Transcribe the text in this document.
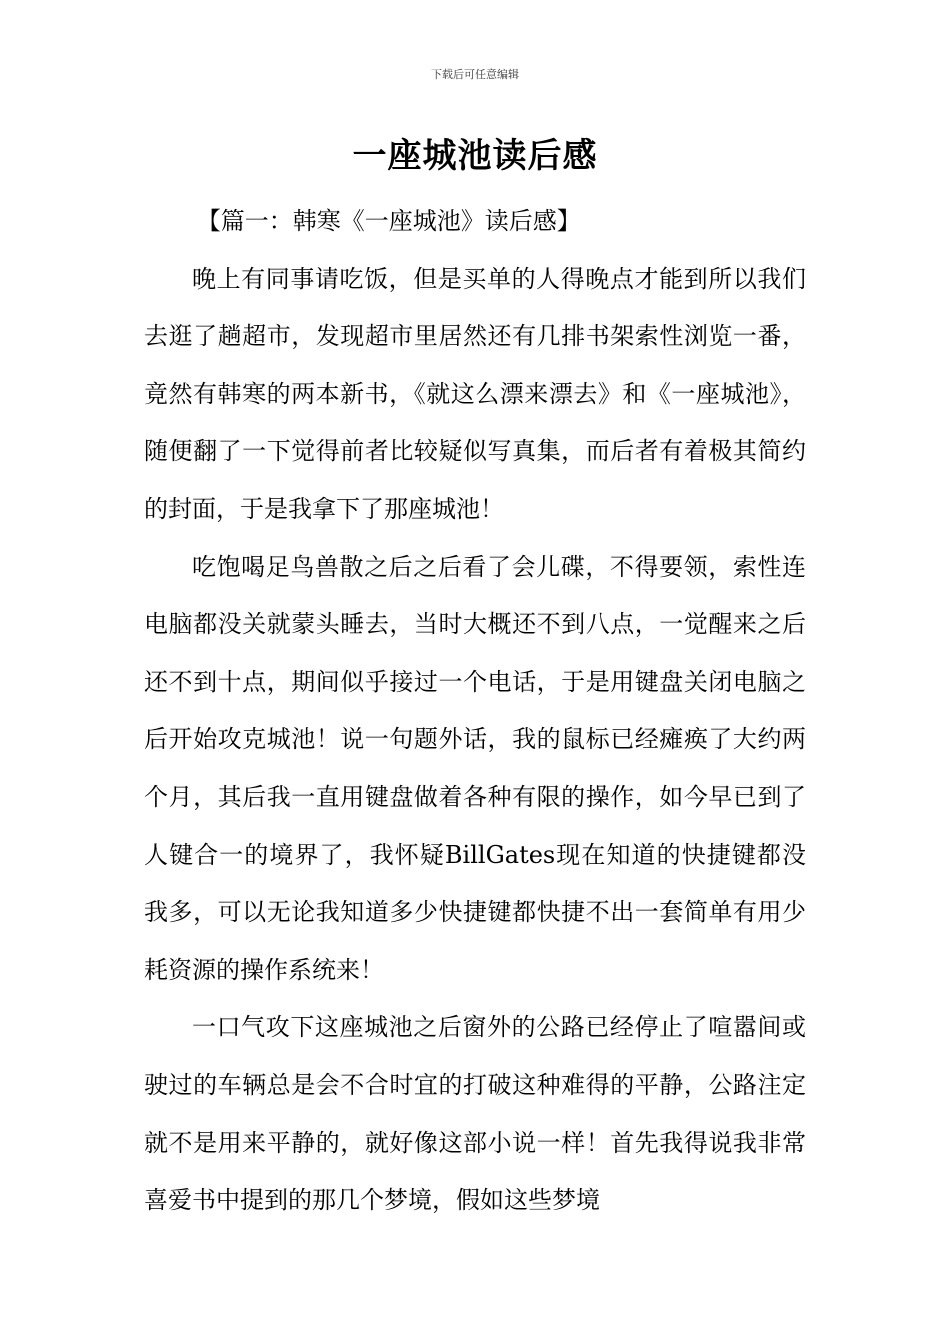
下载后可任意编辑
一座城池读后感

【篇一：韩寒《一座城池》读后感】

晚上有同事请吃饭，但是买单的人得晚点才能到所以我们去逛了趟超市，发现超市里居然还有几排书架索性浏览一番，竟然有韩寒的两本新书，《就这么漂来漂去》和《一座城池》，随便翻了一下觉得前者比较疑似写真集，而后者有着极其简约的封面，于是我拿下了那座城池！

吃饱喝足鸟兽散之后之后看了会儿碟，不得要领，索性连电脑都没关就蒙头睡去，当时大概还不到八点，一觉醒来之后还不到十点，期间似乎接过一个电话，于是用键盘关闭电脑之后开始攻克城池！说一句题外话，我的鼠标已经瘫痪了大约两个月，其后我一直用键盘做着各种有限的操作，如今早已到了人键合一的境界了，我怀疑BillGates现在知道的快捷键都没我多，可以无论我知道多少快捷键都快捷不出一套简单有用少耗资源的操作系统来！

一口气攻下这座城池之后窗外的公路已经停止了喧嚣间或驶过的车辆总是会不合时宜的打破这种难得的平静，公路注定就不是用来平静的，就好像这部小说一样！首先我得说我非常喜爱书中提到的那几个梦境，假如这些梦境
